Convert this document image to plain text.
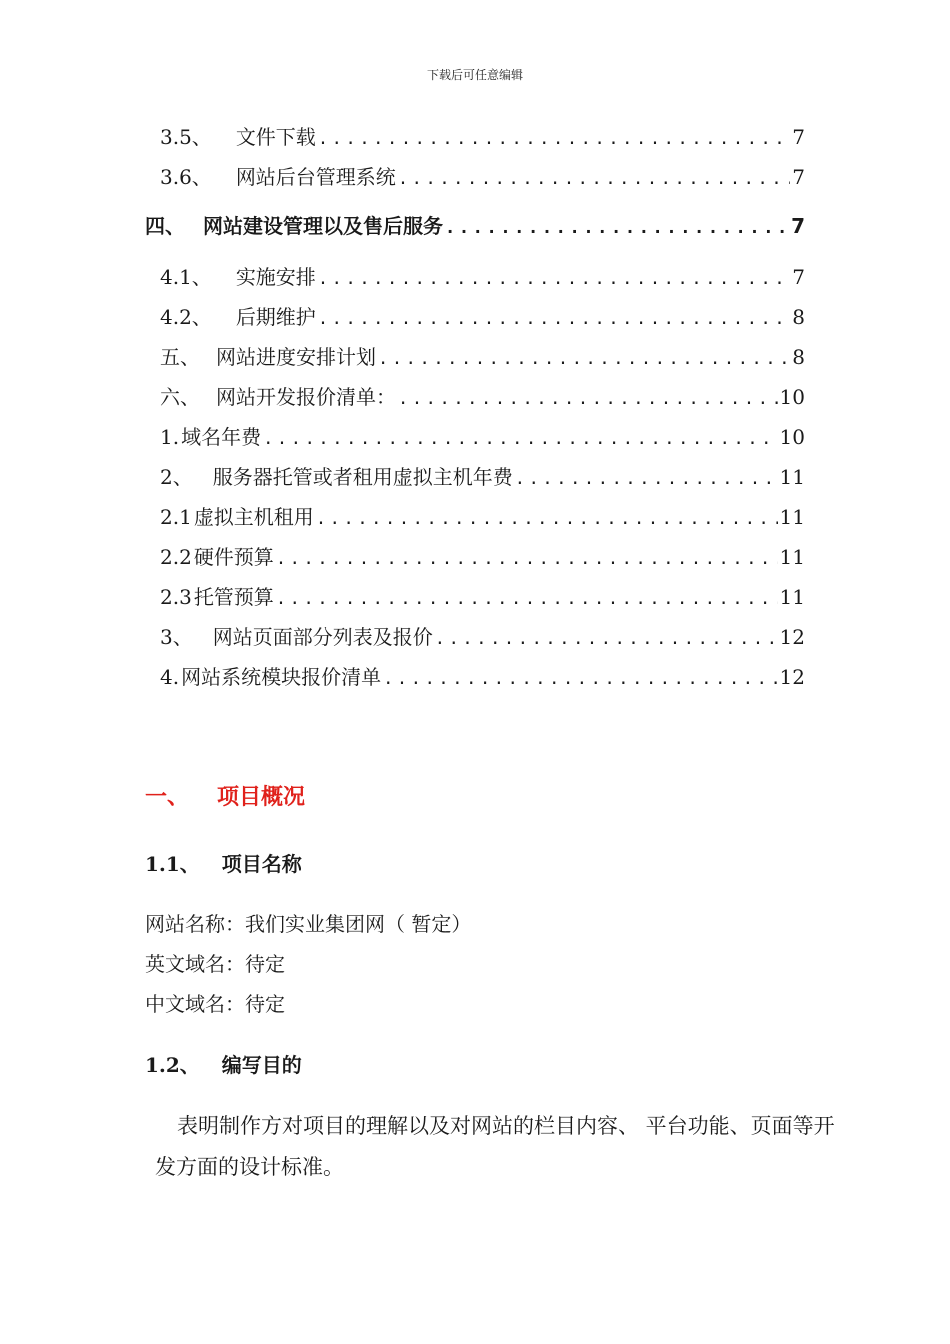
下载后可任意编辑
3.5、 文件下载 .....	7
3.6、 网站后台管理系统 .....	7
四、 网站建设管理以及售后服务 .....	7
4.1、 实施安排 .....	7
4.2、 后期维护 .....	8
五、 网站进度安排计划 .....	8
六、 网站开发报价清单： .....	10
1. 域名年费 .....	10
2、 服务器托管或者租用虚拟主机年费 .....	11
2.1 虚拟主机租用 .....	11
2.2 硬件预算 .....	11
2.3 托管预算 .....	11
3、 网站页面部分列表及报价 .....	12
4. 网站系统模块报价清单 .....	12
一、 项目概况
1.1、 项目名称
网站名称：我们实业集团网（ 暂定）
英文域名：待定
中文域名：待定
1.2、 编写目的
表明制作方对项目的理解以及对网站的栏目内容、 平台功能、页面等开发方面的设计标准。
